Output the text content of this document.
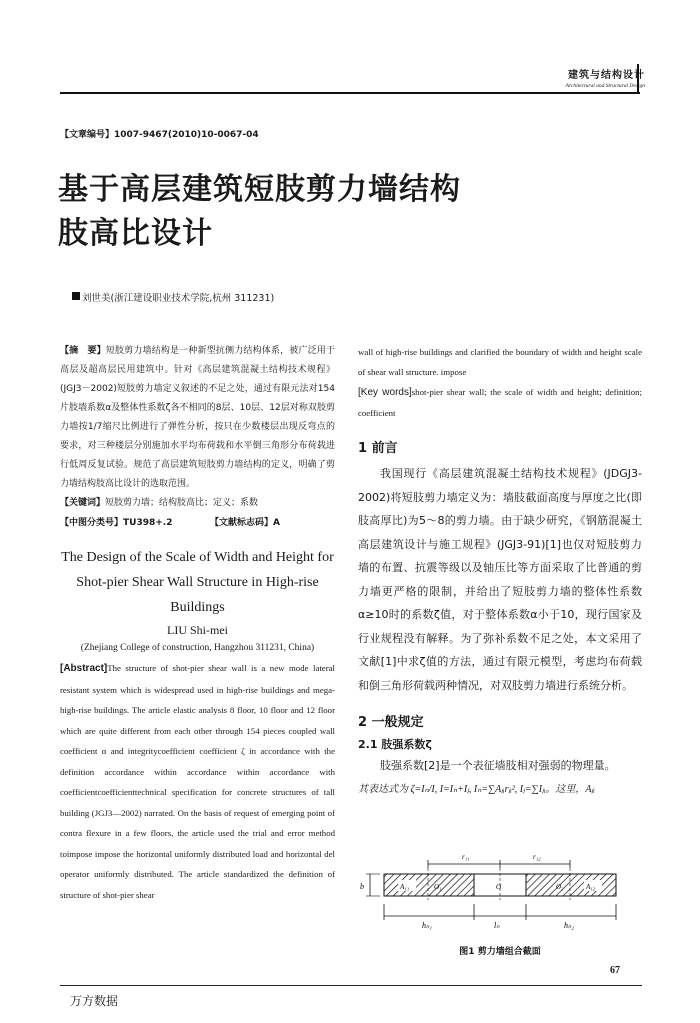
建筑与结构设计
Architectural and Structural Design
【文章编号】1007-9467(2010)10-0067-04
基于高层建筑短肢剪力墙结构
肢高比设计
刘世美(浙江建设职业技术学院,杭州 311231)
【摘　要】短肢剪力墙结构是一种新型抗侧力结构体系，被广泛用于高层及超高层民用建筑中。针对《高层建筑混凝土结构技术规程》(JGJ3－2002)短肢剪力墙定义叙述的不足之处，通过有限元法对154片肢墙系数α及整体性系数ζ各不相同的8层、10层、12层对称双肢剪力墙按1/7缩尺比例进行了弹性分析，按只在少数楼层出现反弯点的要求，对三种楼层分别施加水平均布荷载和水平倒三角形分布荷载进行低周反复试验。规范了高层建筑短肢剪力墙结构的定义，明确了剪力墙结构肢高比设计的选取范围。
【关键词】短肢剪力墙；结构肢高比；定义；系数
【中图分类号】TU398+.2	【文献标志码】A
The Design of the Scale of Width and Height for Shot-pier Shear Wall Structure in High-rise Buildings
LIU Shi-mei
(Zhejiang College of construction, Hangzhou 311231, China)
[Abstract]The structure of shot-pier shear wall is a new mode lateral resistant system which is widespread used in high-rise buildings and mega-high-rise buildings. The article elastic analysis 8 floor, 10 floor and 12 floor which are quite different from each other through 154 pieces coupled wall coefficient α and integritycoefficient coefficient ζ in accordance with the definition accordance within accordance within accordance with coefficientcoefficienttechnical specification for concrete structures of tall building (JGJ3—2002) narrated. On the basis of request of emerging point of contra flexure in a few floors, the article used the trial and error method toimpose impose the horizontal uniformly distributed load and horizontal del operator uniformly distributed. The article standardized the definition of structure of shot-pier shear
wall of high-rise buildings and clarified the boundary of width and height scale of shear wall structure. impose
[Key words]shot-pier shear wall; the scale of width and height; definition; coefficient
1 前言
我国现行《高层建筑混凝土结构技术规程》(JDGJ3-2002)将短肢剪力墙定义为：墙肢截面高度与厚度之比(即肢高厚比)为5～8的剪力墙。由于缺少研究，《钢筋混凝土高层建筑设计与施工规程》(JGJ3-91)[1]也仅对短肢剪力墙的布置、抗震等级以及轴压比等方面采取了比普通的剪力墙更严格的限制，并给出了短肢剪力墙的整体性系数α≥10时的系数ζ值，对于整体系数α小于10，现行国家及行业规程没有解释。为了弥补系数不足之处，本文采用了文献[1]中求ζ值的方法，通过有限元模型，考虑均布荷载和倒三角形荷载两种情况，对双肢剪力墙进行系统分析。
2 一般规定
2.1 肢强系数ζ
肢强系数[2]是一个表征墙肢相对强弱的物理量。
其表达式为 ζ=Iₙ/I, I=Iₙ+Iⱼ, Iₙ=∑Aⱼᵢrⱼᵢ², Iⱼ=∑Iⱼᵢ。这里，Aⱼᵢ
r₁₁	r₁₂
A₁₁	O₁	O	O₂	A₁₂
b
hₙ₁	lₙ	hₙ₂
图1 剪力墙组合截面
67
万方数据
